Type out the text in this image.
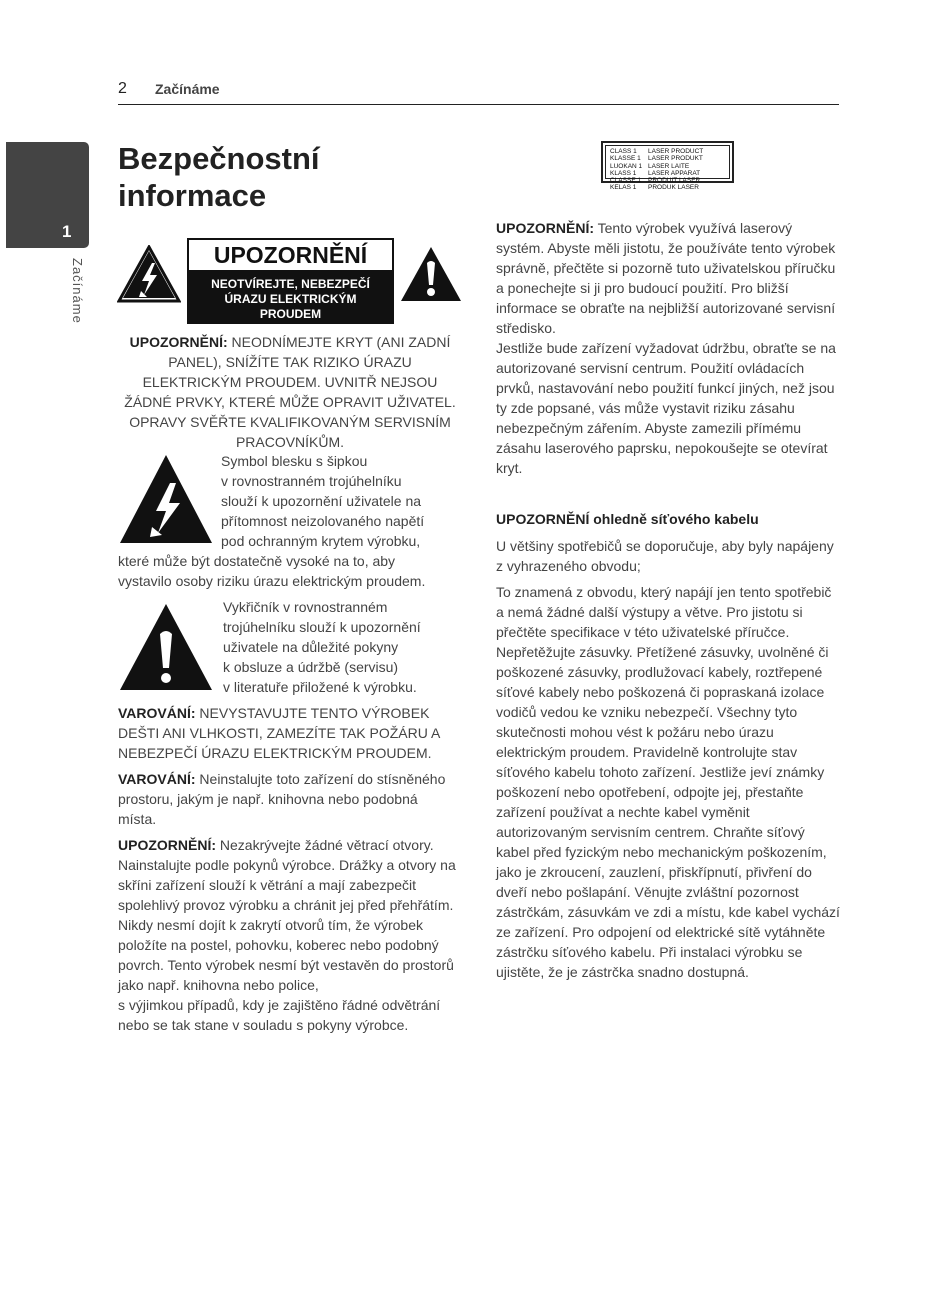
2 Začínáme
1
Začínáme
Bezpečnostní informace
UPOZORNĚNÍ
NEOTVÍREJTE, NEBEZPEČÍ
ÚRAZU ELEKTRICKÝM
PROUDEM
UPOZORNĚNÍ: NEODNÍMEJTE KRYT (ANI ZADNÍ PANEL), SNÍŽÍTE TAK RIZIKO ÚRAZU ELEKTRICKÝM PROUDEM. UVNITŘ NEJSOU ŽÁDNÉ PRVKY, KTERÉ MŮŽE OPRAVIT UŽIVATEL. OPRAVY SVĚŘTE KVALIFIKOVANÝM SERVISNÍM PRACOVNÍKŮM.
Symbol blesku s šipkou
v rovnostranném trojúhelníku
slouží k upozornění uživatele na
přítomnost neizolovaného napětí
pod ochranným krytem výrobku,
které může být dostatečně vysoké na to, aby
vystavilo osoby riziku úrazu elektrickým proudem.
Vykřičník v rovnostranném
trojúhelníku slouží k upozornění
uživatele na důležité pokyny
k obsluze a údržbě (servisu)
v literatuře přiložené k výrobku.
VAROVÁNÍ: NEVYSTAVUJTE TENTO VÝROBEK DEŠTI ANI VLHKOSTI, ZAMEZÍTE TAK POŽÁRU A NEBEZPEČÍ ÚRAZU ELEKTRICKÝM PROUDEM.
VAROVÁNÍ: Neinstalujte toto zařízení do stísněného prostoru, jakým je např. knihovna nebo podobná místa.

UPOZORNĚNÍ: Nezakrývejte žádné větrací otvory. Nainstalujte podle pokynů výrobce. Drážky a otvory na skříni zařízení slouží k větrání a mají zabezpečit spolehlivý provoz výrobku a chránit jej před přehřátím. Nikdy nesmí dojít k zakrytí otvorů tím, že výrobek položíte na postel, pohovku, koberec nebo podobný povrch. Tento výrobek nesmí být vestavěn do prostorů jako např. knihovna nebo police,

s výjimkou případů, kdy je zajištěno řádné odvětrání nebo se tak stane v souladu s pokyny výrobce.

CLASS 1	LASER PRODUCT
KLASSE 1	LASER PRODUKT
LUOKAN 1 LASER LAITE
KLASS 1	LASER APPARAT
CLASSE 1	PRODUIT LASER
KELAS 1	PRODUK LASER

UPOZORNĚNÍ: Tento výrobek využívá laserový systém. Abyste měli jistotu, že používáte tento výrobek správně, přečtěte si pozorně tuto uživatelskou příručku a ponechejte si ji pro budoucí použití. Pro bližší informace se obraťte na nejbližší autorizované servisní středisko.

Jestliže bude zařízení vyžadovat údržbu, obraťte se na autorizované servisní centrum. Použití ovládacích prvků, nastavování nebo použití funkcí jiných, než jsou ty zde popsané, vás může vystavit riziku zásahu nebezpečným zářením. Abyste zamezili přímému zásahu laserového paprsku, nepokoušejte se otevírat kryt.

UPOZORNĚNÍ ohledně síťového kabelu
U většiny spotřebičů se doporučuje, aby byly napájeny z vyhrazeného obvodu;
To znamená z obvodu, který napájí jen tento spotřebič a nemá žádné další výstupy a větve. Pro jistotu si přečtěte specifikace v této uživatelské příručce. Nepřetěžujte zásuvky. Přetížené zásuvky, uvolněné či poškozené zásuvky, prodlužovací kabely, roztřepené síťové kabely nebo poškozená či popraskaná izolace vodičů vedou ke vzniku nebezpečí. Všechny tyto skutečnosti mohou vést k požáru nebo úrazu elektrickým proudem. Pravidelně kontrolujte stav síťového kabelu tohoto zařízení. Jestliže jeví známky poškození nebo opotřebení, odpojte jej, přestaňte zařízení používat a nechte kabel vyměnit autorizovaným servisním centrem. Chraňte síťový kabel před fyzickým nebo mechanickým poškozením, jako je zkroucení, zauzlení, přiskřípnutí, přivření do dveří nebo pošlapání. Věnujte zvláštní pozornost zástrčkám, zásuvkám ve zdi a místu, kde kabel vychází ze zařízení. Pro odpojení od elektrické sítě vytáhněte zástrčku síťového kabelu. Při instalaci výrobku se ujistěte, že je zástrčka snadno dostupná.
